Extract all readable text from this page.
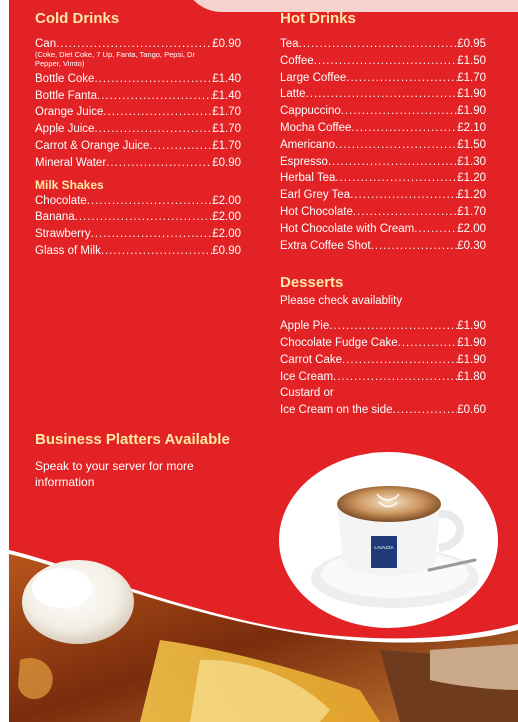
Cold Drinks
Can .....	£0.90
(Coke, Diet Coke, 7 Up, Fanta, Tango, Pepsi, Dr Pepper, Vimto)
Bottle Coke .....	£1.40
Bottle Fanta .....	£1.40
Orange Juice .....	£1.70
Apple Juice .....	£1.70
Carrot & Orange Juice .....	£1.70
Mineral Water .....	£0.90
Milk Shakes
Chocolate .....	£2.00
Banana .....	£2.00
Strawberry .....	£2.00
Glass of Milk .....	£0.90
Hot Drinks
Tea .....	£0.95
Coffee .....	£1.50
Large Coffee .....	£1.70
Latte .....	£1.90
Cappuccino .....	£1.90
Mocha Coffee .....	£2.10
Americano .....	£1.50
Espresso .....	£1.30
Herbal Tea .....	£1.20
Earl Grey Tea .....	£1.20
Hot Chocolate .....	£1.70
Hot Chocolate with Cream .....	£2.00
Extra Coffee Shot .....	£0.30
Desserts
Please check availablity
Apple Pie .....	£1.90
Chocolate Fudge Cake .....	£1.90
Carrot Cake .....	£1.90
Ice Cream .....	£1.80
Custard or
Ice Cream on the side .....	£0.60
Business Platters Available
Speak to your server for more information
LAVAZZA
